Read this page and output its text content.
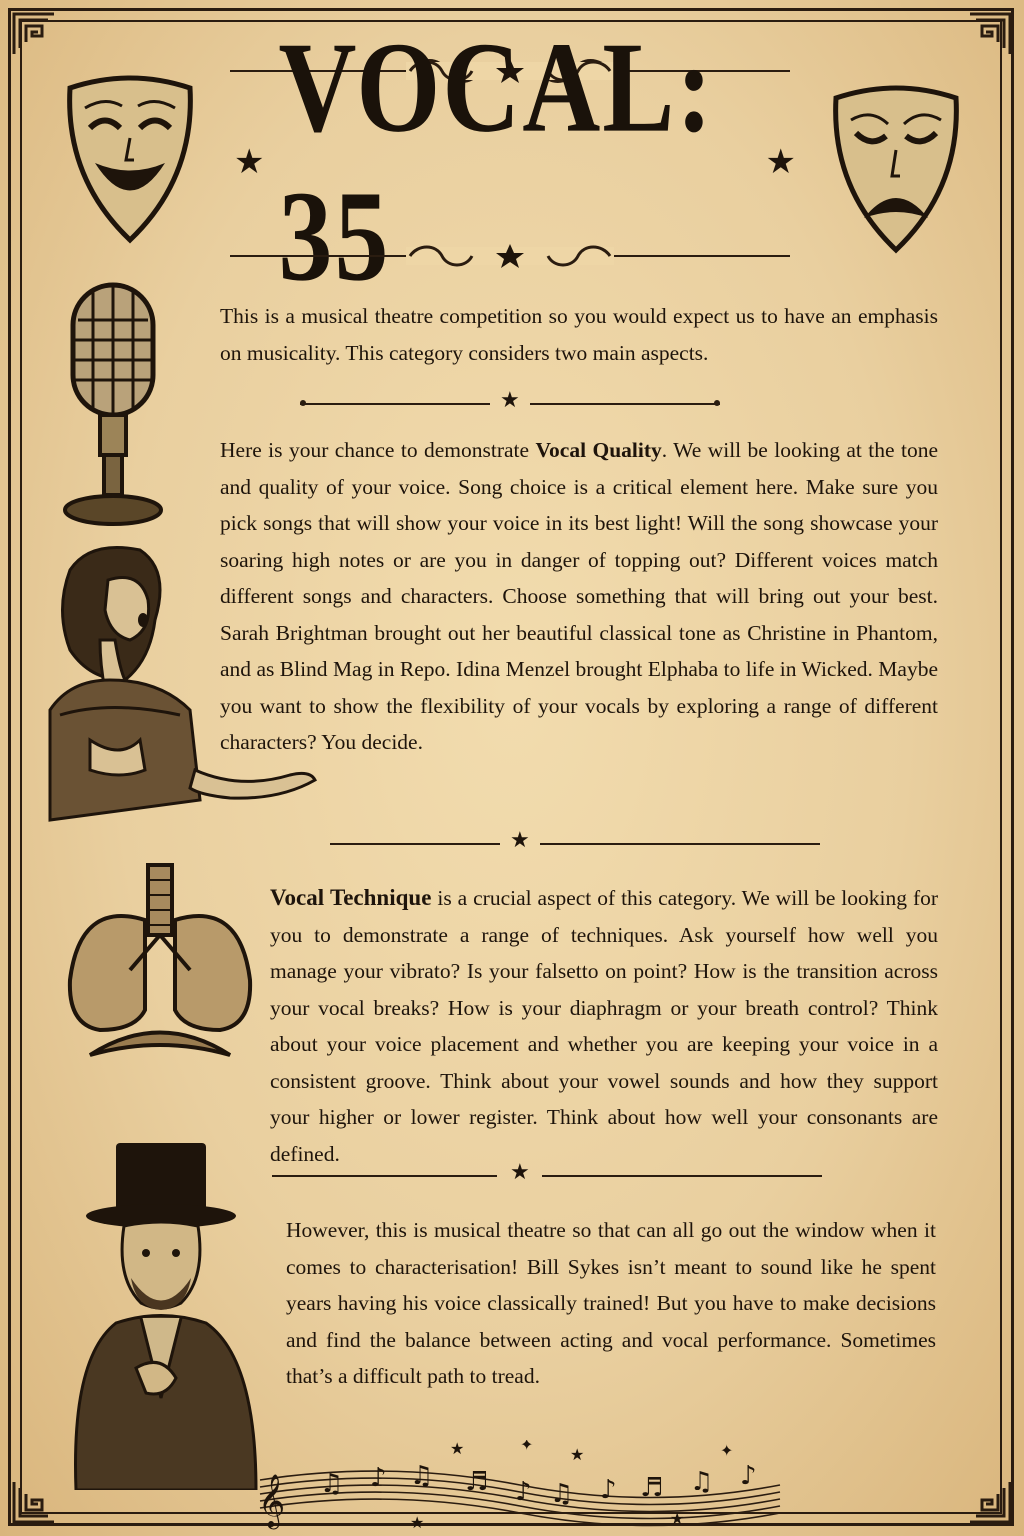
★
VOCAL: 35
★

This is a musical theatre competition so you would expect us to have an emphasis on musicality. This category considers two main aspects.

★

Here is your chance to demonstrate Vocal Quality. We will be looking at the tone and quality of your voice. Song choice is a critical element here. Make sure you pick songs that will show your voice in its best light! Will the song showcase your soaring high notes or are you in danger of topping out? Different voices match different songs and characters. Choose something that will bring out your best. Sarah Brightman brought out her beautiful classical tone as Christine in Phantom, and as Blind Mag in Repo. Idina Menzel brought Elphaba to life in Wicked. Maybe you want to show the flexibility of your vocals by exploring a range of different characters? You decide.

★

Vocal Technique is a crucial aspect of this category. We will be looking for you to demonstrate a range of techniques. Ask yourself how well you manage your vibrato? Is your falsetto on point? How is the transition across your vocal breaks? How is your diaphragm or your breath control? Think about your voice placement and whether you are keeping your voice in a consistent groove. Think about your vowel sounds and how they support your higher or lower register. Think about how well your consonants are defined.

★

However, this is musical theatre so that can all go out the window when it comes to characterisation! Bill Sykes isn’t meant to sound like he spent years having his voice classically trained! But you have to make decisions and find the balance between acting and vocal performance. Sometimes that’s a difficult path to tread.

𝄞 ♫ ♪ ♫ ♬ ♪ ♫ ♪ ♬ ♫ ♪
★	★
★	★
✦
✦
